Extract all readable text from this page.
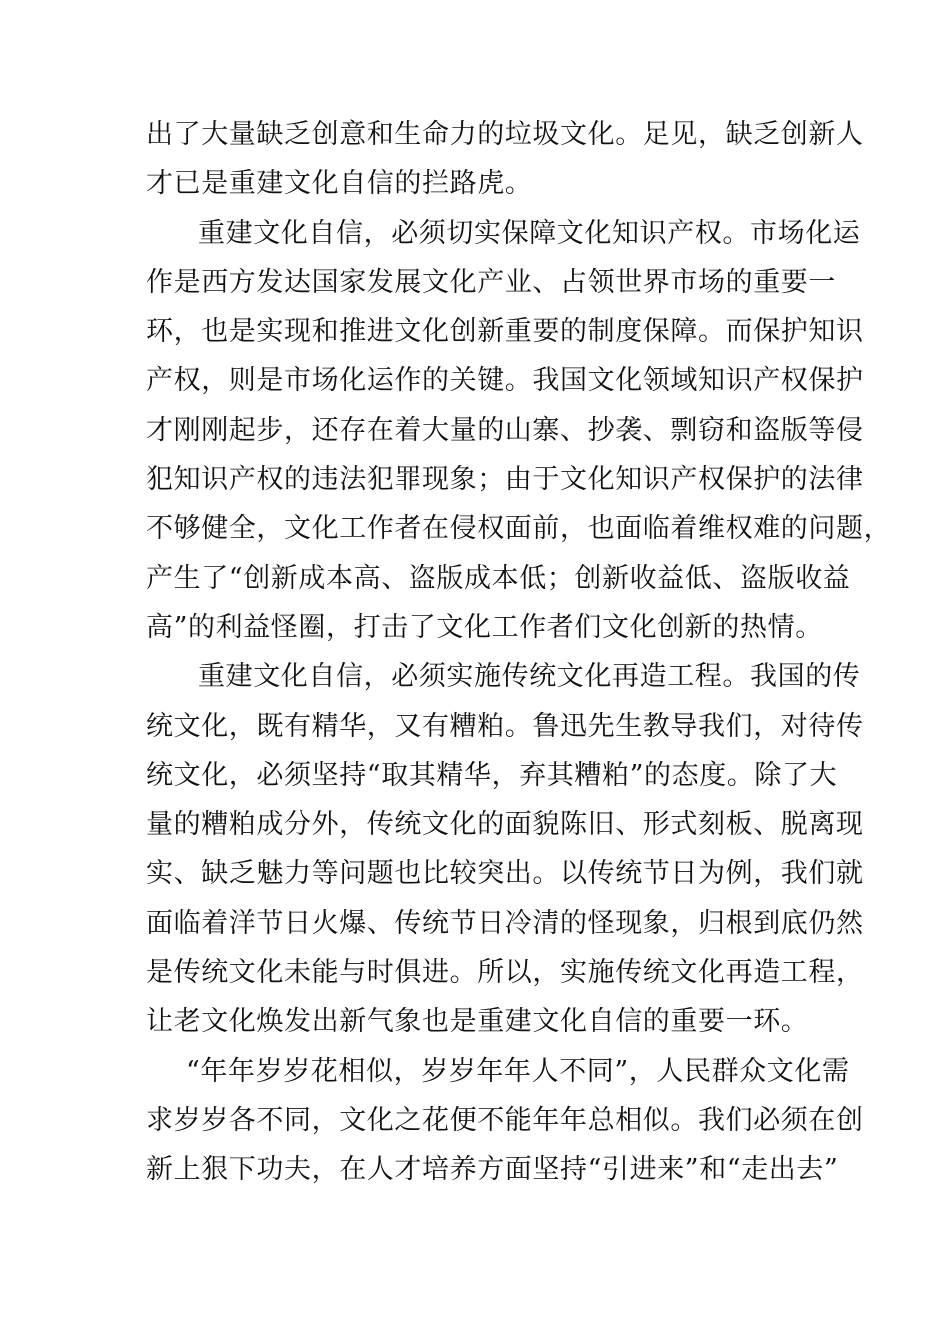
出了大量缺乏创意和生命力的垃圾文化。足见，缺乏创新人
才已是重建文化自信的拦路虎。
重建文化自信，必须切实保障文化知识产权。市场化运
作是西方发达国家发展文化产业、占领世界市场的重要一
环，也是实现和推进文化创新重要的制度保障。而保护知识
产权，则是市场化运作的关键。我国文化领域知识产权保护
才刚刚起步，还存在着大量的山寨、抄袭、剽窃和盗版等侵
犯知识产权的违法犯罪现象；由于文化知识产权保护的法律
不够健全，文化工作者在侵权面前，也面临着维权难的问题，
产生了“创新成本高、盗版成本低；创新收益低、盗版收益
高”的利益怪圈，打击了文化工作者们文化创新的热情。
重建文化自信，必须实施传统文化再造工程。我国的传
统文化，既有精华，又有糟粕。鲁迅先生教导我们，对待传
统文化，必须坚持“取其精华，弃其糟粕”的态度。除了大
量的糟粕成分外，传统文化的面貌陈旧、形式刻板、脱离现
实、缺乏魅力等问题也比较突出。以传统节日为例，我们就
面临着洋节日火爆、传统节日冷清的怪现象，归根到底仍然
是传统文化未能与时俱进。所以，实施传统文化再造工程，
让老文化焕发出新气象也是重建文化自信的重要一环。
“年年岁岁花相似，岁岁年年人不同”，人民群众文化需
求岁岁各不同，文化之花便不能年年总相似。我们必须在创
新上狠下功夫，在人才培养方面坚持“引进来”和“走出去”
